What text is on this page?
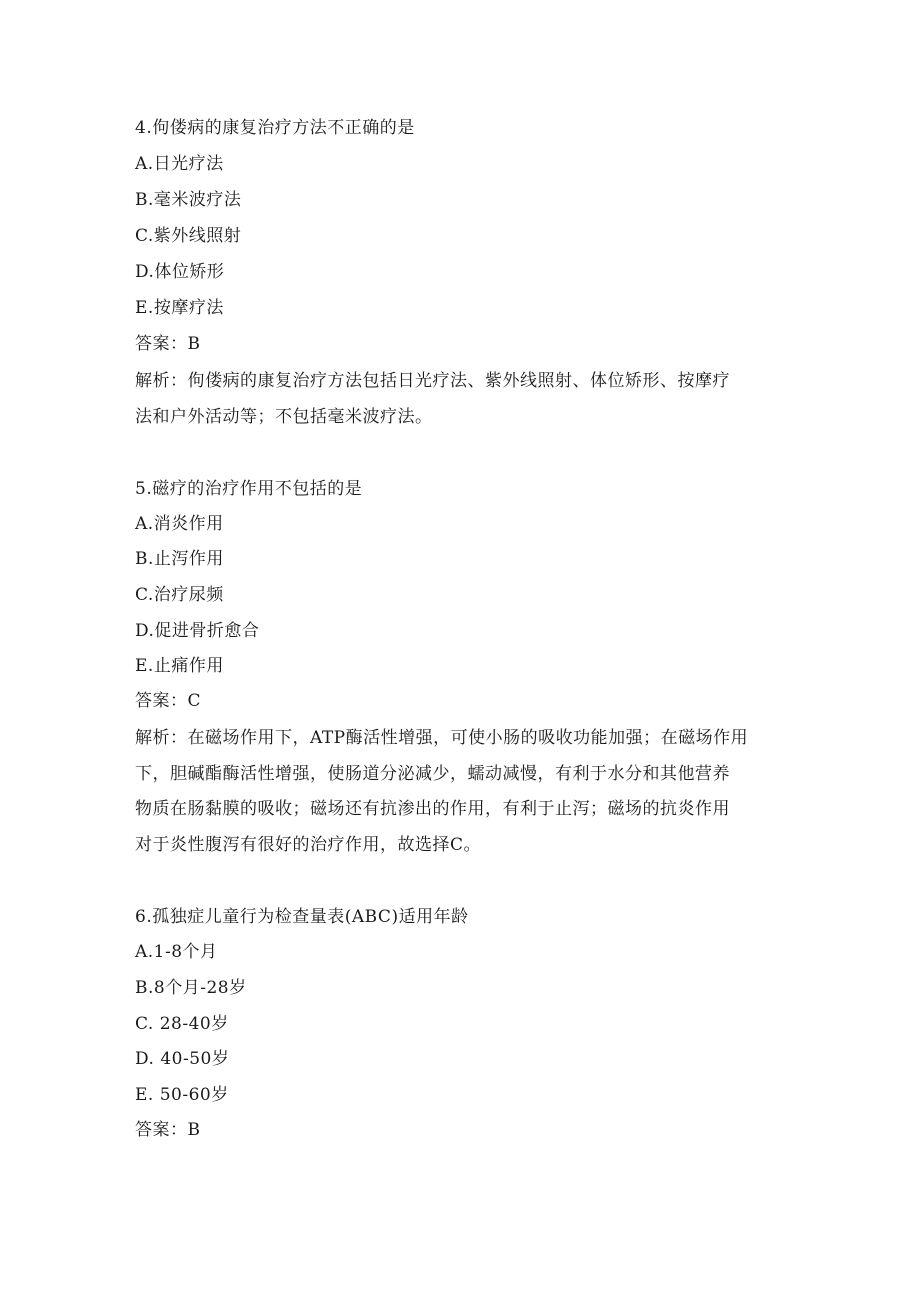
4.佝偻病的康复治疗方法不正确的是
A.日光疗法
B.毫米波疗法
C.紫外线照射
D.体位矫形
E.按摩疗法
答案：B
解析：佝偻病的康复治疗方法包括日光疗法、紫外线照射、体位矫形、按摩疗
法和户外活动等；不包括毫米波疗法。
5.磁疗的治疗作用不包括的是
A.消炎作用
B.止泻作用
C.治疗尿频
D.促进骨折愈合
E.止痛作用
答案：C
解析：在磁场作用下，ATP酶活性增强，可使小肠的吸收功能加强；在磁场作用
下，胆碱酯酶活性增强，使肠道分泌减少，蠕动减慢，有利于水分和其他营养
物质在肠黏膜的吸收；磁场还有抗渗出的作用，有利于止泻；磁场的抗炎作用
对于炎性腹泻有很好的治疗作用，故选择C。
6.孤独症儿童行为检查量表(ABC)适用年龄
A.1-8个月
B.8个月-28岁
C. 28-40岁
D. 40-50岁
E. 50-60岁
答案：B
